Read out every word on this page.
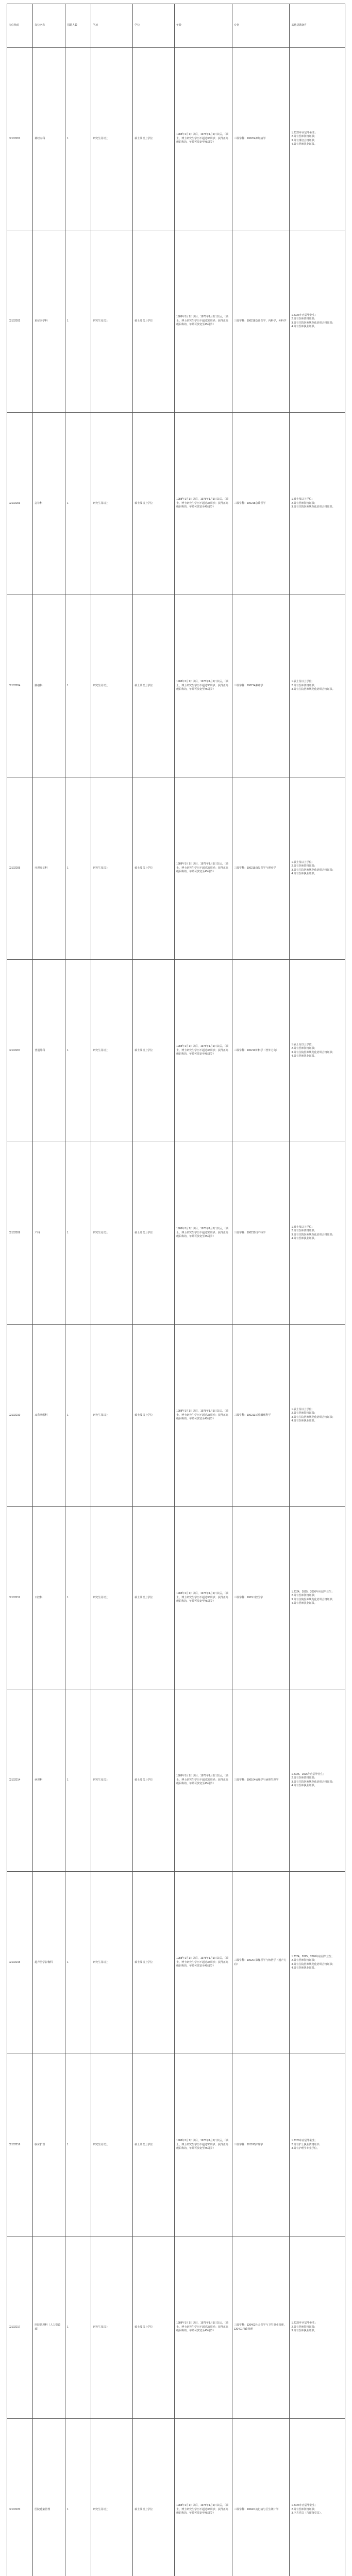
岗位代码	岗位名称	招聘人数	学历	学位	年龄	专业	其他招聘条件
02102201	神经内科	1	研究生及以上	硕士及以上学位	1988年1月1日以后，1978年1月1日以后，（硕士、博士研究生学历不超过35周岁；获得正高级职称的，年龄可放宽至45周岁）	三级学科：100204神经病学	1.2026年应届毕业生；
2.具有医师资格证书；
3.具有规培合格证书；
4.具有医师执业证书。
02102202	重症医学科	1	研究生及以上	硕士及以上学位	1988年1月1日以后，1978年1月1日以后，（硕士、博士研究生学历不超过35周岁；获得正高级职称的，年龄可放宽至45周岁）	三级学科：100218急诊医学，内科学，外科学	1.2026年应届毕业生；
2.具有医师资格证书；
3.具有住院医师规范化培训合格证书；
4.具有医师执业证书。
02102203	急诊科	1	研究生及以上	硕士及以上学位	1988年1月1日以后，1978年1月1日以后，（硕士、博士研究生学历不超过35周岁；获得正高级职称的，年龄可放宽至45周岁）	三级学科：100218急诊医学	1.硕士及以上学位；
2.具有医师资格证书；
3.具有住院医师规范化培训合格证书。
02102204	肿瘤科	1	研究生及以上	硕士及以上学位	1988年1月1日以后，1978年1月1日以后，（硕士、博士研究生学历不超过35周岁；获得正高级职称的，年龄可放宽至45周岁）	三级学科：100214肿瘤学	1.硕士及以上学位；
2.具有医师资格证书；
3.具有住院医师规范化培训合格证书。
02102205	疗理康复科	1	研究生及以上	硕士及以上学位	1988年1月1日以后，1978年1月1日以后，（硕士、博士研究生学历不超过35周岁；获得正高级职称的，年龄可放宽至45周岁）	三级学科：100215康复医学与理疗学	1.硕士及以上学位；
2.具有医师资格证书；
3.具有住院医师规范化培训合格证书；
4.具有医师执业证书。
02102207	普通外科	1	研究生及以上	硕士及以上学位	1988年1月1日以后，1978年1月1日以后，（硕士、博士研究生学历不超过35周岁；获得正高级职称的，年龄可放宽至45周岁）	三级学科：100210外科学（普外方向）	1.硕士及以上学位；
2.具有医师资格证书；
3.具有住院医师规范化培训合格证书；
4.具有医师执业证书。
02102209	产科	1	研究生及以上	硕士及以上学位	1988年1月1日以后，1978年1月1日以后，（硕士、博士研究生学历不超过35周岁；获得正高级职称的，年龄可放宽至45周岁）	三级学科：100211妇产科学	1.硕士及以上学位；
2.具有医师资格证书；
3.具有住院医师规范化培训合格证书；
4.具有医师执业证书。
02102210	耳鼻咽喉科	1	研究生及以上	硕士及以上学位	1988年1月1日以后，1978年1月1日以后，（硕士、博士研究生学历不超过35周岁；获得正高级职称的，年龄可放宽至45周岁）	三级学科：100213耳鼻咽喉科学	1.硕士及以上学位；
2.具有医师资格证书；
3.具有住院医师规范化培训合格证书；
4.具有医师执业证书。
02102211	口腔科	1	研究生及以上	硕士及以上学位	1988年1月1日以后，1978年1月1日以后，（硕士、博士研究生学历不超过35周岁；获得正高级职称的，年龄可放宽至45周岁）	三级学科：1003口腔医学	1.2024、2025、2026年应届毕业生；
2.具有医师资格证书；
3.具有住院医师规范化培训合格证书；
4.具有医师执业证书。
02102214	病理科	1	研究生及以上	硕士及以上学位	1988年1月1日以后，1978年1月1日以后，（硕士、博士研究生学历不超过35周岁；获得正高级职称的，年龄可放宽至45周岁）	三级学科：100104病理学与病理生理学	1.2025、2026年应届毕业生；
2.具有医师资格证书；
3.具有住院医师规范化培训合格证书；
4.具有医师执业证书。
02102215	超声医学影像科	1	研究生及以上	硕士及以上学位	1988年1月1日以后，1978年1月1日以后，（硕士、博士研究生学历不超过35周岁；获得正高级职称的，年龄可放宽至45周岁）	三级学科：100207影像医学与核医学（超声方向）	1.2024、2025、2026年应届毕业生；
2.具有医师资格证书；
3.具有住院医师规范化培训合格证书；
4.具有医师执业证书。
02102216	临床护理	1	研究生及以上	硕士及以上学位	1988年1月1日以后，1978年1月1日以后，（硕士、博士研究生学历不超过35周岁；获得正高级职称的，年龄可放宽至45周岁）	三级学科：101100护理学	1.2026年应届毕业生；
2.具有护士执业资格证书；
3.具有护理学专业学位。
02102217	医院管理科（人力资源部）	1	研究生及以上	硕士及以上学位	1988年1月1日以后，1978年1月1日以后，（硕士、博士研究生学历不超过35周岁；获得正高级职称的，年龄可放宽至45周岁）	三级学科：120402社会医学与卫生事业管理，120401行政管理	1.2026年应届毕业生；
2.具有医师资格证书；
3.具有医师执业证书。
02102220	医院感染管理	1	研究生及以上	硕士及以上学位	1988年1月1日以后，1978年1月1日以后，（硕士、博士研究生学历不超过35周岁；获得正高级职称的，年龄可放宽至45周岁）	三级学科：100401流行病与卫生统计学	1.2026年应届毕业生；
2.具有医师资格证书；
3.中共党员（含预备党员）。
